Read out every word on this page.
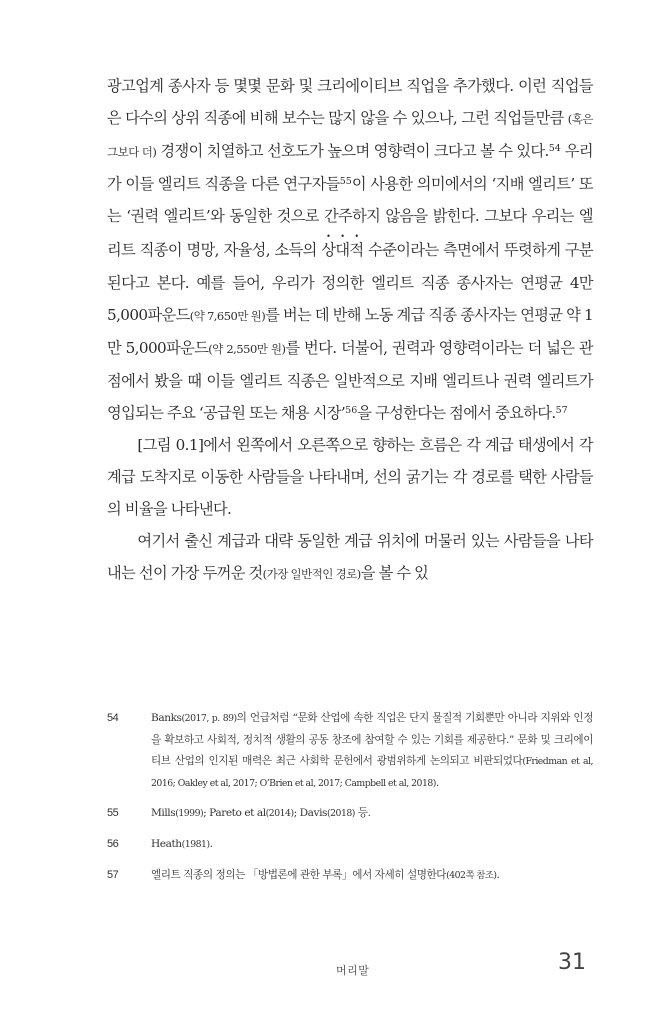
광고업계 종사자 등 몇몇 문화 및 크리에이티브 직업을 추가했다. 이런 직업들은 다수의 상위 직종에 비해 보수는 많지 않을 수 있으나, 그런 직업들만큼 (혹은 그보다 더) 경쟁이 치열하고 선호도가 높으며 영향력이 크다고 볼 수 있다.$^{54}$ 우리가 이들 엘리트 직종을 다른 연구자들$^{55}$이 사용한 의미에서의 ‘지배 엘리트’ 또는 ‘권력 엘리트’와 동일한 것으로 간주하지 않음을 밝힌다. 그보다 우리는 엘리트 직종이 명망, 자율성, 소득의 상대적 수준이라는 측면에서 뚜렷하게 구분된다고 본다. 예를 들어, 우리가 정의한 엘리트 직종 종사자는 연평균 4만 5,000파운드(약 7,650만 원)를 버는 데 반해 노동 계급 직종 종사자는 연평균 약 1만 5,000파운드(약 2,550만 원)를 번다. 더불어, 권력과 영향력이라는 더 넓은 관점에서 봤을 때 이들 엘리트 직종은 일반적으로 지배 엘리트나 권력 엘리트가 영입되는 주요 ‘공급원 또는 채용 시장’$^{56}$을 구성한다는 점에서 중요하다.$^{57}$

[그림 0.1]에서 왼쪽에서 오른쪽으로 향하는 흐름은 각 계급 태생에서 각 계급 도착지로 이동한 사람들을 나타내며, 선의 굵기는 각 경로를 택한 사람들의 비율을 나타낸다.

여기서 출신 계급과 대략 동일한 계급 위치에 머물러 있는 사람들을 나타내는 선이 가장 두꺼운 것(가장 일반적인 경로)을 볼 수 있

54	Banks(2017, p. 89)의 언급처럼 “문화 산업에 속한 직업은 단지 물질적 기회뿐만 아니라 지위와 인정을 확보하고 사회적, 정치적 생활의 공동 창조에 참여할 수 있는 기회를 제공한다.” 문화 및 크리에이티브 산업의 인지된 매력은 최근 사회학 문헌에서 광범위하게 논의되고 비판되었다(Friedman et al, 2016; Oakley et al, 2017; O’Brien et al, 2017; Campbell et al, 2018).
55	Mills(1999); Pareto et al(2014); Davis(2018) 등.
56	Heath(1981).
57	엘리트 직종의 정의는 「방법론에 관한 부록」에서 자세히 설명한다(402쪽 참조).
머리말	31
